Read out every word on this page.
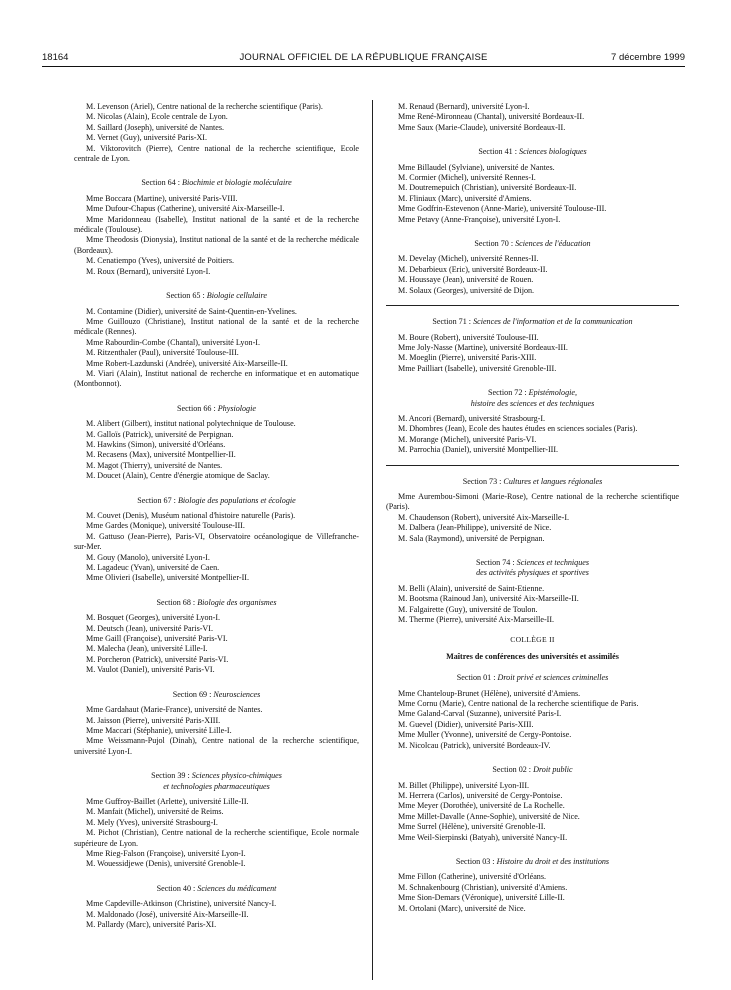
18164	JOURNAL OFFICIEL DE LA RÉPUBLIQUE FRANÇAISE	7 décembre 1999

M. Levenson (Ariel), Centre national de la recherche scientifique (Paris).

M. Nicolas (Alain), Ecole centrale de Lyon.

M. Saillard (Joseph), université de Nantes.

M. Vernet (Guy), université Paris-XI.

M. Viktorovitch (Pierre), Centre national de la recherche scientifique, Ecole centrale de Lyon.

Section 64 : Biochimie et biologie moléculaire

Mme Boccara (Martine), université Paris-VIII.

Mme Dufour-Chapus (Catherine), université Aix-Marseille-I.

Mme Maridonneau (Isabelle), Institut national de la santé et de la recherche médicale (Toulouse).

Mme Theodosis (Dionysia), Institut national de la santé et de la recherche médicale (Bordeaux).

M. Cenatiempo (Yves), université de Poitiers.

M. Roux (Bernard), université Lyon-I.

Section 65 : Biologie cellulaire

M. Contamine (Didier), université de Saint-Quentin-en-Yvelines.

Mme Guillouzo (Christiane), Institut national de la santé et de la recherche médicale (Rennes).

Mme Rabourdin-Combe (Chantal), université Lyon-I.

M. Ritzenthaler (Paul), université Toulouse-III.

Mme Robert-Lazdunski (Andrée), université Aix-Marseille-II.

M. Viari (Alain), Institut national de recherche en informatique et en automatique (Montbonnot).

Section 66 : Physiologie

M. Alibert (Gilbert), institut national polytechnique de Toulouse.

M. Galloïs (Patrick), université de Perpignan.

M. Hawkins (Simon), université d'Orléans.

M. Recasens (Max), université Montpellier-II.

M. Magot (Thierry), université de Nantes.

M. Doucet (Alain), Centre d'énergie atomique de Saclay.

Section 67 : Biologie des populations et écologie

M. Couvet (Denis), Muséum national d'histoire naturelle (Paris).

Mme Gardes (Monique), université Toulouse-III.

M. Gattuso (Jean-Pierre), Paris-VI, Observatoire océanologique de Villefranche-sur-Mer.

M. Gouy (Manolo), université Lyon-I.

M. Lagadeuc (Yvan), université de Caen.

Mme Olivieri (Isabelle), université Montpellier-II.

Section 68 : Biologie des organismes

M. Bosquet (Georges), université Lyon-I.

M. Deutsch (Jean), université Paris-VI.

Mme Gaill (Françoise), université Paris-VI.

M. Malecha (Jean), université Lille-I.

M. Porcheron (Patrick), université Paris-VI.

M. Vaulot (Daniel), université Paris-VI.

Section 69 : Neurosciences

Mme Gardahaut (Marie-France), université de Nantes.

M. Jaisson (Pierre), université Paris-XIII.

Mme Maccari (Stéphanie), université Lille-I.

Mme Weissmann-Pujol (Dinah), Centre national de la recherche scientifique, université Lyon-I.

Section 39 : Sciences physico-chimiques
et technologies pharmaceutiques

Mme Guffroy-Baillet (Arlette), université Lille-II.

M. Manfait (Michel), université de Reims.

M. Mely (Yves), université Strasbourg-I.

M. Pichot (Christian), Centre national de la recherche scientifique, Ecole normale supérieure de Lyon.

Mme Rieg-Falson (Françoise), université Lyon-I.

M. Wouessidjewe (Denis), université Grenoble-I.

Section 40 : Sciences du médicament

Mme Capdeville-Atkinson (Christine), université Nancy-I.

M. Maldonado (José), université Aix-Marseille-II.

M. Pallardy (Marc), université Paris-XI.

M. Renaud (Bernard), université Lyon-I.

Mme René-Mironneau (Chantal), université Bordeaux-II.

Mme Saux (Marie-Claude), université Bordeaux-II.

Section 41 : Sciences biologiques

Mme Billaudel (Sylviane), université de Nantes.

M. Cormier (Michel), université Rennes-I.

M. Doutremepuich (Christian), université Bordeaux-II.

M. Fliniaux (Marc), université d'Amiens.

Mme Godfrin-Estevenon (Anne-Marie), université Toulouse-III.

Mme Petavy (Anne-Françoise), université Lyon-I.

Section 70 : Sciences de l'éducation

M. Develay (Michel), université Rennes-II.

M. Debarbieux (Eric), université Bordeaux-II.

M. Houssaye (Jean), université de Rouen.

M. Solaux (Georges), université de Dijon.

Section 71 : Sciences de l'information et de la communication

M. Boure (Robert), université Toulouse-III.

Mme Joly-Nasse (Martine), université Bordeaux-III.

M. Moeglin (Pierre), université Paris-XIII.

Mme Pailliart (Isabelle), université Grenoble-III.

Section 72 : Epistémologie,
histoire des sciences et des techniques

M. Ancori (Bernard), université Strasbourg-I.

M. Dhombres (Jean), Ecole des hautes études en sciences sociales (Paris).

M. Morange (Michel), université Paris-VI.

M. Parrochia (Daniel), université Montpellier-III.

Section 73 : Cultures et langues régionales

Mme Aurembou-Simoni (Marie-Rose), Centre national de la recherche scientifique (Paris).

M. Chaudenson (Robert), université Aix-Marseille-I.

M. Dalbera (Jean-Philippe), université de Nice.

M. Sala (Raymond), université de Perpignan.

Section 74 : Sciences et techniques
des activités physiques et sportives

M. Belli (Alain), université de Saint-Etienne.

M. Bootsma (Rainoud Jan), université Aix-Marseille-II.

M. Falgairette (Guy), université de Toulon.

M. Therme (Pierre), université Aix-Marseille-II.

COLLÈGE II
Maîtres de conférences des universités et assimilés
Section 01 : Droit privé et sciences criminelles

Mme Chanteloup-Brunet (Hélène), université d'Amiens.

Mme Cornu (Marie), Centre national de la recherche scientifique de Paris.

Mme Galand-Carval (Suzanne), université Paris-I.

M. Guevel (Didier), université Paris-XIII.

Mme Muller (Yvonne), université de Cergy-Pontoise.

M. Nicolcau (Patrick), université Bordeaux-IV.

Section 02 : Droit public

M. Billet (Philippe), université Lyon-III.

M. Herrera (Carlos), université de Cergy-Pontoise.

Mme Meyer (Dorothée), université de La Rochelle.

Mme Millet-Davalle (Anne-Sophie), université de Nice.

Mme Surrel (Hélène), université Grenoble-II.

Mme Weil-Sierpinski (Batyah), université Nancy-II.

Section 03 : Histoire du droit et des institutions

Mme Fillon (Catherine), université d'Orléans.

M. Schnakenbourg (Christian), université d'Amiens.

Mme Sion-Demars (Véronique), université Lille-II.

M. Ortolani (Marc), université de Nice.
